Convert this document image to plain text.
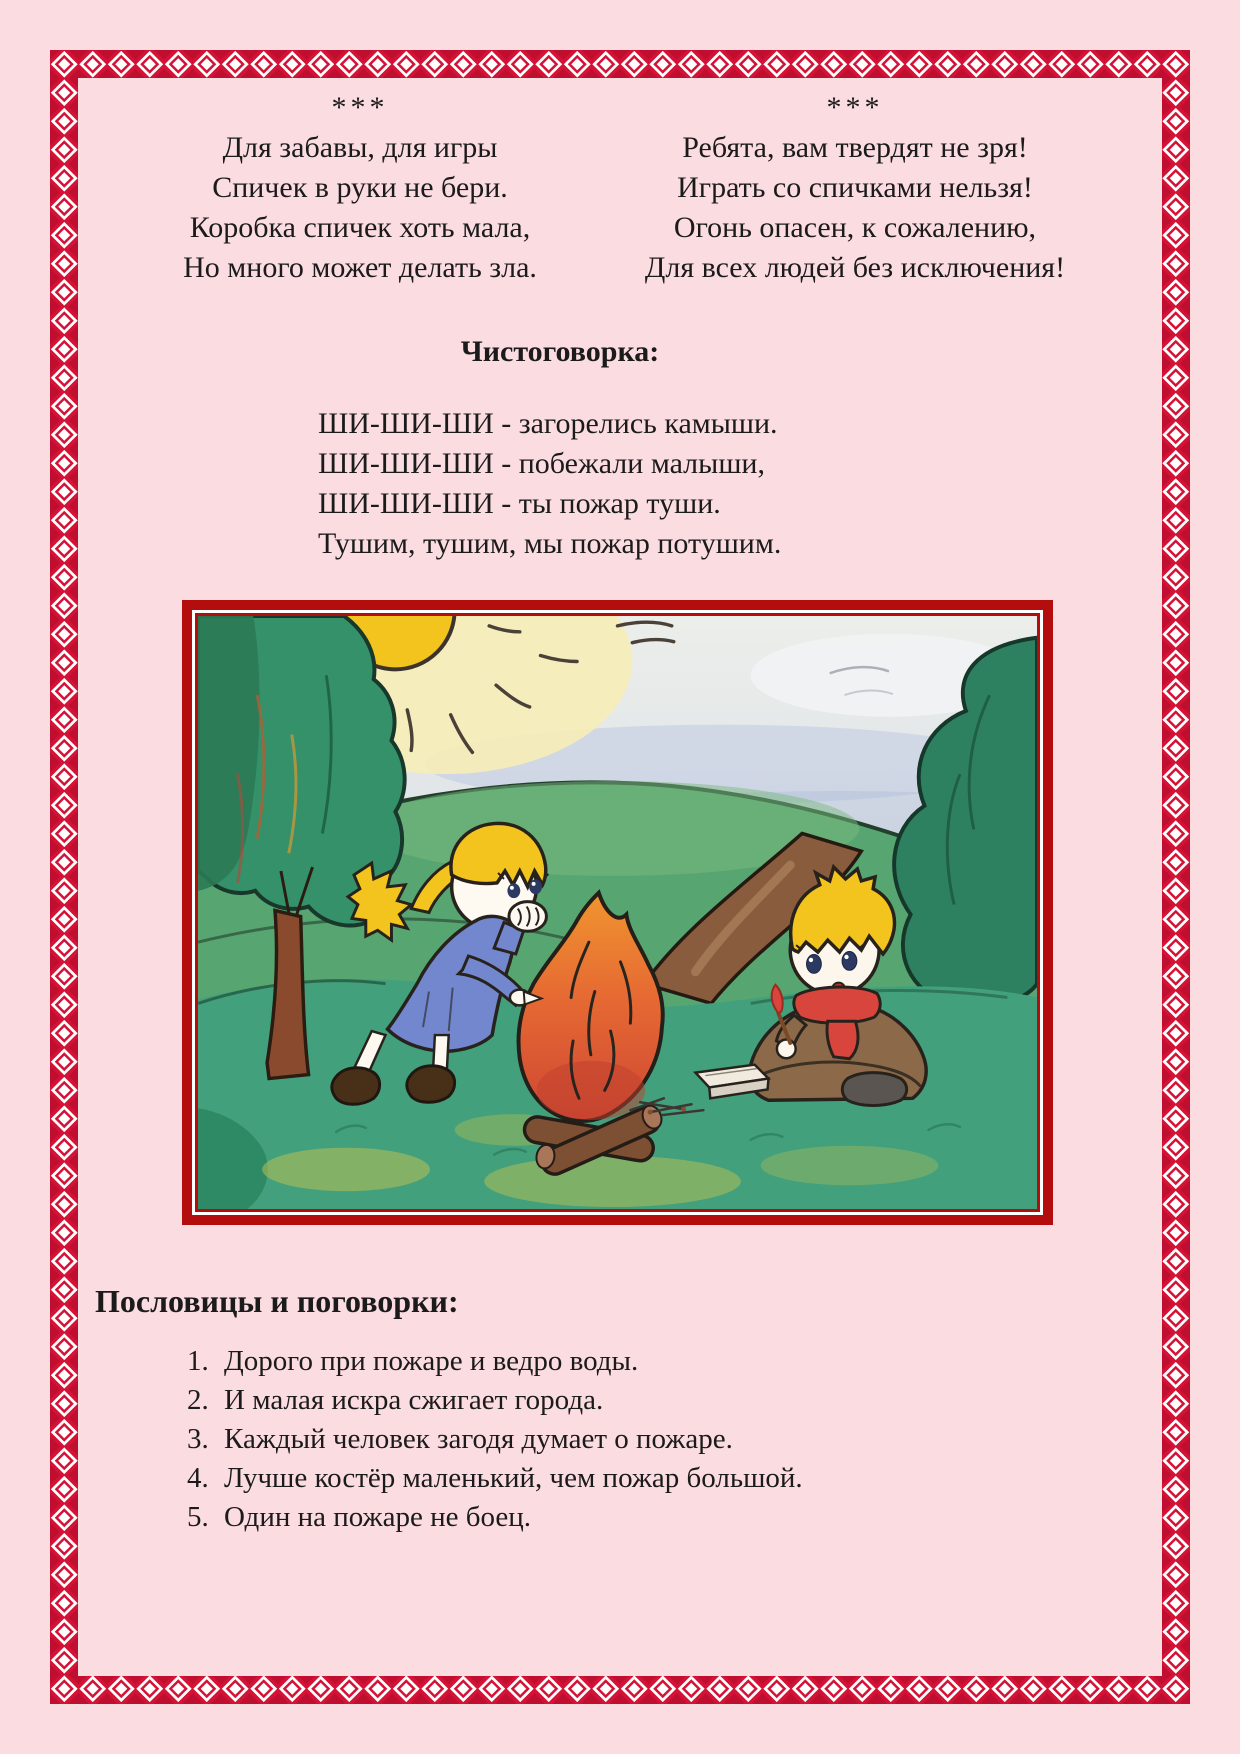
***
Для забавы, для игры
Спичек в руки не бери.
Коробка спичек хоть мала,
Но много может делать зла.
***
Ребята, вам твердят не зря!
Играть со спичками нельзя!
Огонь опасен, к сожалению,
Для всех людей без исключения!
Чистоговорка:
ШИ-ШИ-ШИ - загорелись камыши.
ШИ-ШИ-ШИ - побежали малыши,
ШИ-ШИ-ШИ - ты пожар туши.
Тушим, тушим, мы пожар потушим.
Пословицы и поговорки:
1. Дорого при пожаре и ведро воды.
2. И малая искра сжигает города.
3. Каждый человек загодя думает о пожаре.
4. Лучше костёр маленький, чем пожар большой.
5. Один на пожаре не боец.
